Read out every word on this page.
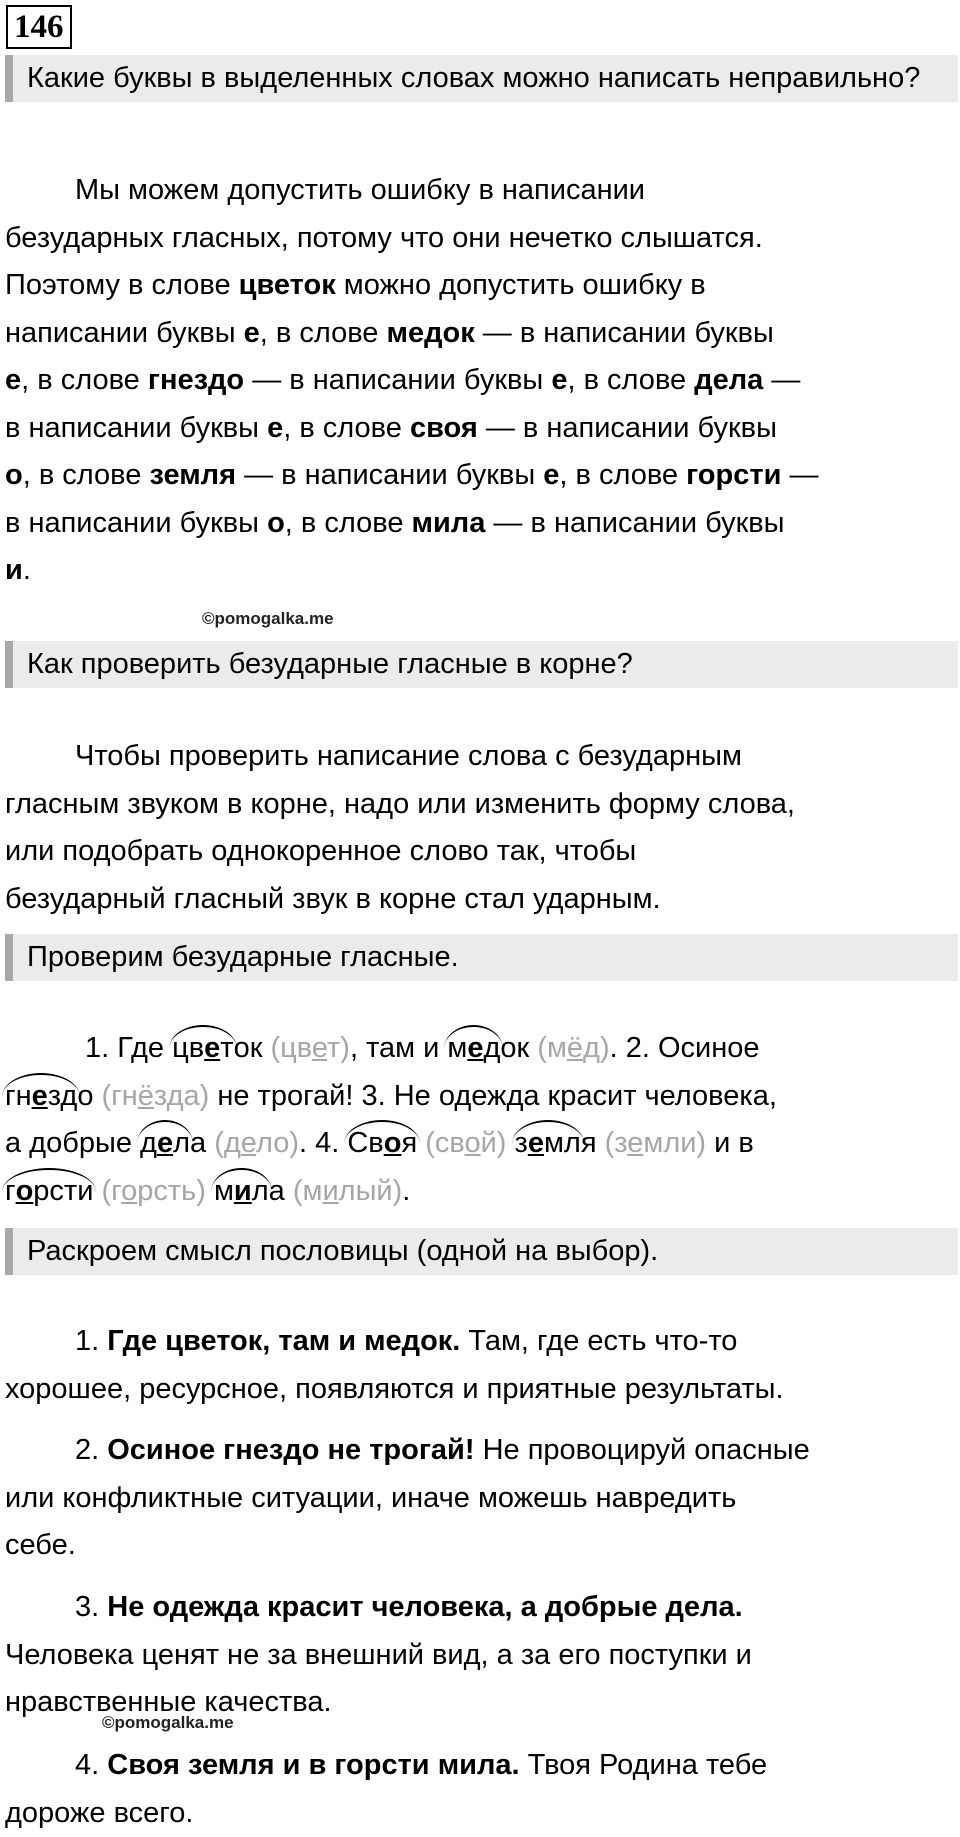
146
Какие буквы в выделенных словах можно написать неправильно?
Мы можем допустить ошибку в написании
безударных гласных, потому что они нечетко слышатся.
Поэтому в слове цветок можно допустить ошибку в
написании буквы е, в слове медок — в написании буквы
е, в слове гнездо — в написании буквы е, в слове дела —
в написании буквы е, в слове своя — в написании буквы
о, в слове земля — в написании буквы е, в слове горсти —
в написании буквы о, в слове мила — в написании буквы
и.
©pomogalka.me
Как проверить безударные гласные в корне?
Чтобы проверить написание слова с безударным
гласным звуком в корне, надо или изменить форму слова,
или подобрать однокоренное слово так, чтобы
безударный гласный звук в корне стал ударным.
Проверим безударные гласные.
1. Где цветок (цвет), там и медок (мёд). 2. Осиное
гнездо (гнёзда) не трогай! 3. Не одежда красит человека,
а добрые дела (дело). 4. Своя (свой) земля (земли) и в
горсти (горсть) мила (милый).
Раскроем смысл пословицы (одной на выбор).
1. Где цветок, там и медок. Там, где есть что-то
хорошее, ресурсное, появляются и приятные результаты.
2. Осиное гнездо не трогай! Не провоцируй опасные
или конфликтные ситуации, иначе можешь навредить
себе.
3. Не одежда красит человека, а добрые дела.
Человека ценят не за внешний вид, а за его поступки и
нравственные качества.
©pomogalka.me
4. Своя земля и в горсти мила. Твоя Родина тебе
дороже всего.
